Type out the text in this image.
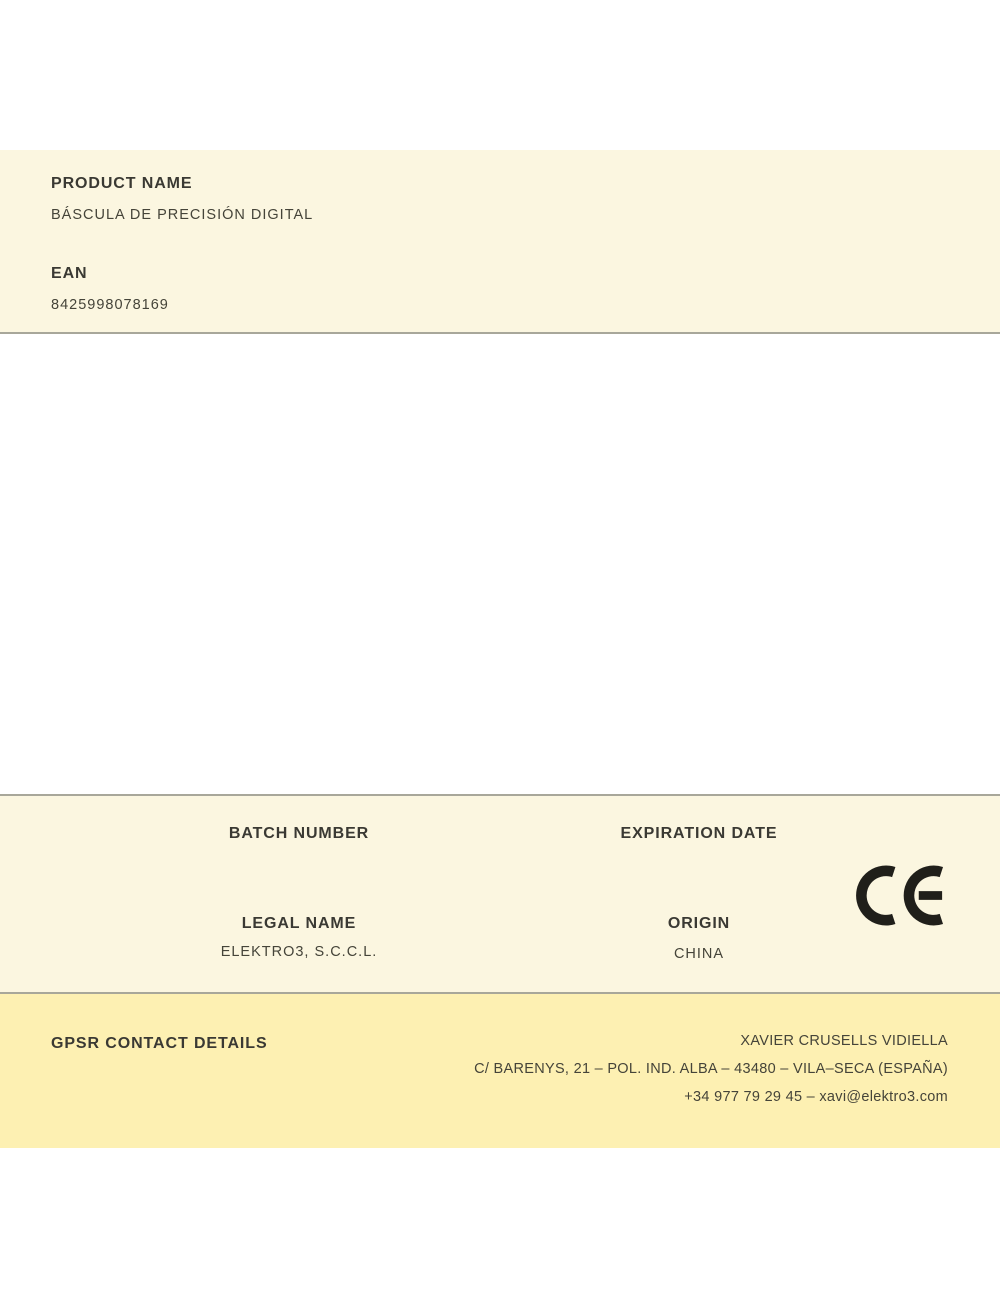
PRODUCT NAME
BÁSCULA DE PRECISIÓN DIGITAL
EAN
8425998078169
BATCH NUMBER	EXPIRATION DATE
LEGAL NAME
ELEKTRO3, S.C.C.L.
ORIGIN
CHINA
GPSR CONTACT DETAILS	XAVIER CRUSELLS VIDIELLA
C/ BARENYS, 21 – POL. IND. ALBA – 43480 – VILA–SECA (ESPAÑA)
+34 977 79 29 45 – xavi@elektro3.com
